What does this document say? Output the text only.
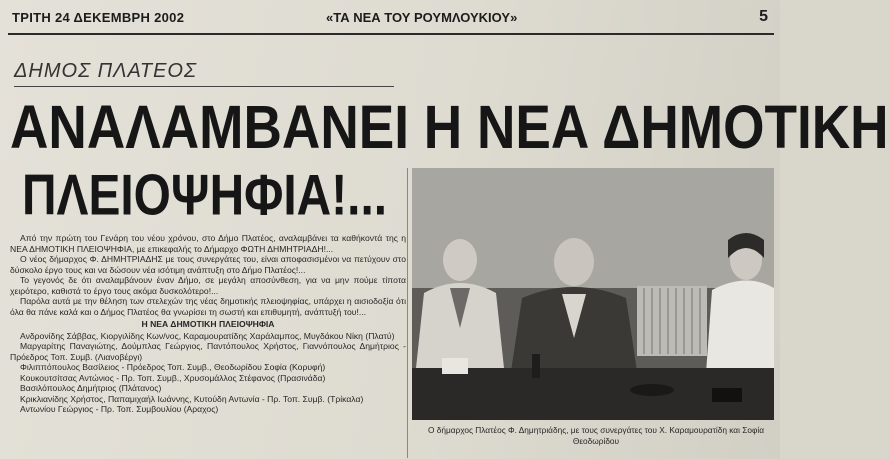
ΤΡΙΤΗ 24 ΔΕΚΕΜΒΡΗ 2002	«ΤΑ ΝΕΑ ΤΟΥ ΡΟΥΜΛΟΥΚΙΟΥ»	5
ΔΗΜΟΣ ΠΛΑΤΕΟΣ
ΑΝΑΛΑΜΒΑΝΕΙ Η ΝΕΑ ΔΗΜΟΤΙΚΗ
ΠΛΕΙΟΨΗΦΙΑ!...

Από την πρώτη του Γενάρη του νέου χρόνου, στο Δήμο Πλατέος, αναλαμβάνει τα καθήκοντά της η ΝΕΑ ΔΗΜΟΤΙΚΗ ΠΛΕΙΟΨΗΦΙΑ, με επικεφαλής το Δήμαρχο ΦΩΤΗ ΔΗΜΗΤΡΙΑΔΗ!...

Ο νέος δήμαρχος Φ. ΔΗΜΗΤΡΙΑΔΗΣ με τους συνεργάτες του, είναι αποφασισμένοι να πετύχουν στο δύσκολο έργο τους και να δώσουν νέα ισότιμη ανάπτυξη στο Δήμο Πλατέος!...

Το γεγονός δε ότι αναλαμβάνουν έναν Δήμο, σε μεγάλη αποσύνθεση, για να μην πούμε τίποτα χειρότερο, καθιστά το έργο τους ακόμα δυσκολότερο!...

Παρόλα αυτά με την θέληση των στελεχών της νέας δημοτικής πλειοψηφίας, υπάρχει η αισιοδοξία ότι όλα θα πάνε καλά και ο Δήμος Πλατέος θα γνωρίσει τη σωστή και επιθυμητή, ανάπτυξή του!...

Η ΝΕΑ ΔΗΜΟΤΙΚΗ ΠΛΕΙΟΨΗΦΙΑ

Ανδρονίδης Σάββας, Κιοργιλίδης Κων/νος, Καραμουρατίδης Χαράλαμπος, Μυγδάκου Νίκη (Πλατύ)

Μαργαρίτης Παναγιώτης, Δούμπλας Γεώργιος, Παντόπουλος Χρήστος, Γιαννόπουλος Δημήτριος - Πρόεδρος Τοπ. Συμβ. (Λιανοβέργι)

Φιλιππόπουλος Βασίλειος - Πρόεδρος Τοπ. Συμβ., Θεοδωρίδου Σοφία (Κορυφή)

Κουκουτσίτσας Αντώνιος - Πρ. Τοπ. Συμβ., Χρυσομάλλος Στέφανος (Πρασινάδα)

Βασιλόπουλος Δημήτριος (Πλάτανος)

Κρικλιανίδης Χρήστος, Παπαμιχαήλ Ιωάννης, Κυτούδη Αντωνία - Πρ. Τοπ. Συμβ. (Τρίκαλα)

Αντωνίου Γεώργιος - Πρ. Τοπ. Συμβουλίου (Αραχος)

Ο δήμαρχος Πλατέος Φ. Δημητριάδης, με τους συνεργάτες του Χ. Καραμουρατίδη και Σοφία Θεοδωρίδου
